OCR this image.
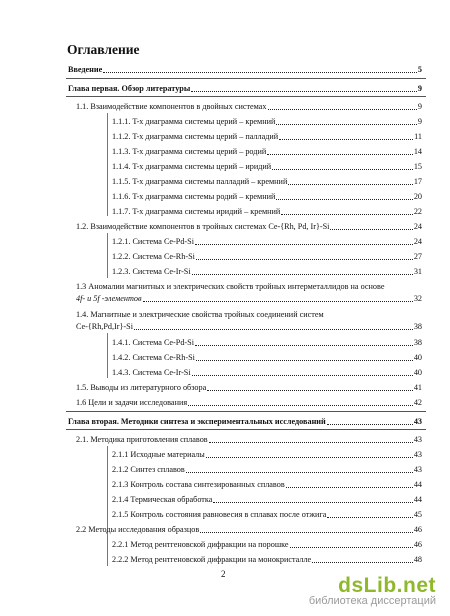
Оглавление
Введение	5
Глава первая. Обзор литературы	9
1.1. Взаимодействие компонентов в двойных системах	9
1.1.1. T-x диаграмма системы церий – кремний	9
1.1.2. T-x диаграмма системы церий – палладий	11
1.1.3. T-x диаграмма системы церий – родий	14
1.1.4. T-x диаграмма системы церий – иридий	15
1.1.5. T-x диаграмма системы палладий – кремний	17
1.1.6. T-x диаграмма системы родий – кремний	20
1.1.7. T-x диаграмма системы иридий – кремний	22
1.2. Взаимодействие компонентов в тройных системах Ce-{Rh, Pd, Ir}-Si	24
1.2.1. Система Ce-Pd-Si	24
1.2.2. Система Ce-Rh-Si	27
1.2.3. Система Ce-Ir-Si	31
1.3 Аномалии магнитных и электрических свойств тройных интерметаллидов на основе
4f- и 5f -элементов	32
1.4. Магнитные и электрические свойства тройных соединений систем
Ce-{Rh,Pd,Ir}-Si	38
1.4.1. Система Ce-Pd-Si	38
1.4.2. Система Ce-Rh-Si	40
1.4.3. Система Ce-Ir-Si	40
1.5. Выводы из литературного обзора	41
1.6 Цели и задачи исследования	42
Глава вторая. Методики синтеза и экспериментальных исследований	43
2.1. Методика приготовления сплавов	43
2.1.1 Исходные материалы	43
2.1.2 Синтез сплавов	43
2.1.3 Контроль состава синтезированных сплавов	44
2.1.4 Термическая обработка	44
2.1.5 Контроль состояния равновесия в сплавах после отжига	45
2.2 Методы исследования образцов	46
2.2.1 Метод рентгеновской дифракции на порошке	46
2.2.2 Метод рентгеновской дифракции на монокристалле	48
2	dsLib.net
библиотека диссертаций
